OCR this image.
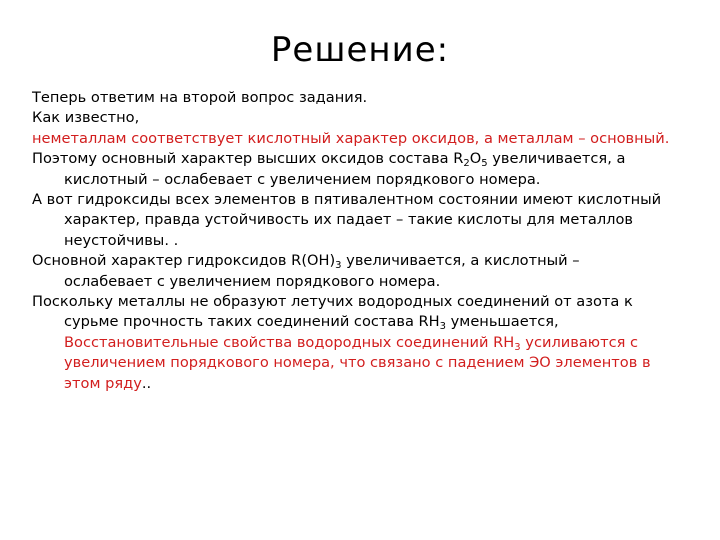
Решение:

Теперь ответим на второй вопрос задания.

Как известно,

неметаллам соответствует кислотный характер оксидов, а металлам – основный.

Поэтому основный характер высших оксидов состава $R_2O_5$ увеличивается, а кислотный – ослабевает с увеличением порядкового номера.

А вот гидроксиды всех элементов в пятивалентном состоянии имеют кислотный характер, правда устойчивость их падает – такие кислоты для металлов неустойчивы. .

Основной характер гидроксидов $R(OH)_3$ увеличивается, а кислотный – ослабевает с увеличением порядкового номера.

Поскольку металлы не образуют летучих водородных соединений от азота к сурьме прочность таких соединений состава $RH_3$ уменьшается, Восстановительные свойства водородных соединений $RH_3$ усиливаются с увеличением порядкового номера, что связано с падением ЭО элементов в этом ряду..
